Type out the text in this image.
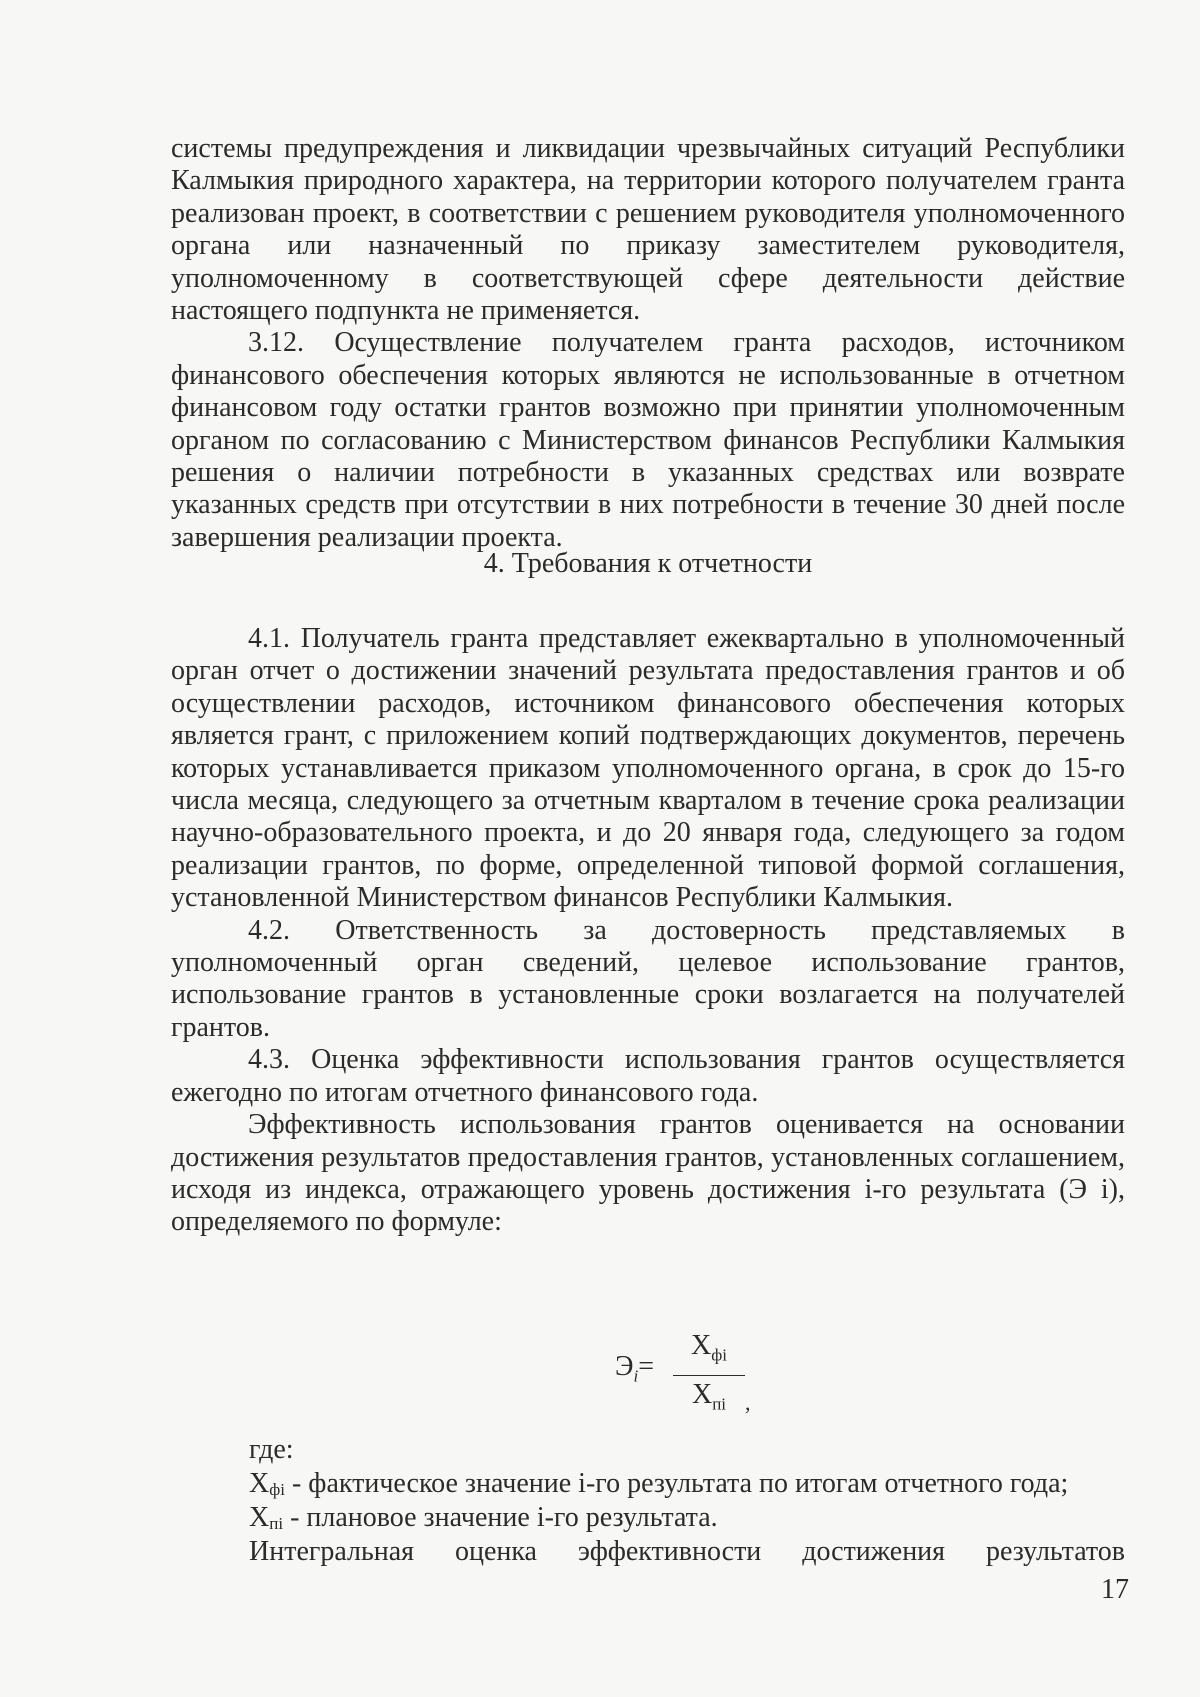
системы предупреждения и ликвидации чрезвычайных ситуаций Республики Калмыкия природного характера, на территории которого получателем гранта реализован проект, в соответствии с решением руководителя уполномоченного органа или назначенный по приказу заместителем руководителя, уполномоченному в соответствующей сфере деятельности действие настоящего подпункта не применяется.

3.12. Осуществление получателем гранта расходов, источником финансового обеспечения которых являются не использованные в отчетном финансовом году остатки грантов возможно при принятии уполномоченным органом по согласованию с Министерством финансов Республики Калмыкия решения о наличии потребности в указанных средствах или возврате указанных средств при отсутствии в них потребности в течение 30 дней после завершения реализации проекта.

4. Требования к отчетности

4.1. Получатель гранта представляет ежеквартально в уполномоченный орган отчет о достижении значений результата предоставления грантов и об осуществлении расходов, источником финансового обеспечения которых является грант, с приложением копий подтверждающих документов, перечень которых устанавливается приказом уполномоченного органа, в срок до 15-го числа месяца, следующего за отчетным кварталом в течение срока реализации научно-образовательного проекта, и до 20 января года, следующего за годом реализации грантов, по форме, определенной типовой формой соглашения, установленной Министерством финансов Республики Калмыкия.

4.2. Ответственность за достоверность представляемых в уполномоченный орган сведений, целевое использование грантов, использование грантов в установленные сроки возлагается на получателей грантов.

4.3. Оценка эффективности использования грантов осуществляется ежегодно по итогам отчетного финансового года.

Эффективность использования грантов оценивается на основании достижения результатов предоставления грантов, установленных соглашением, исходя из индекса, отражающего уровень достижения i-го результата (Э i), определяемого по формуле:

$Э_i=$
$Х_{фi}$
$Х_{пi}$ ,
где:
$Х_{фi}$ - фактическое значение i-го результата по итогам отчетного года;
$Х_{пi}$ - плановое значение i-го результата.
Интегральная оценка эффективности достижения результатов
17
